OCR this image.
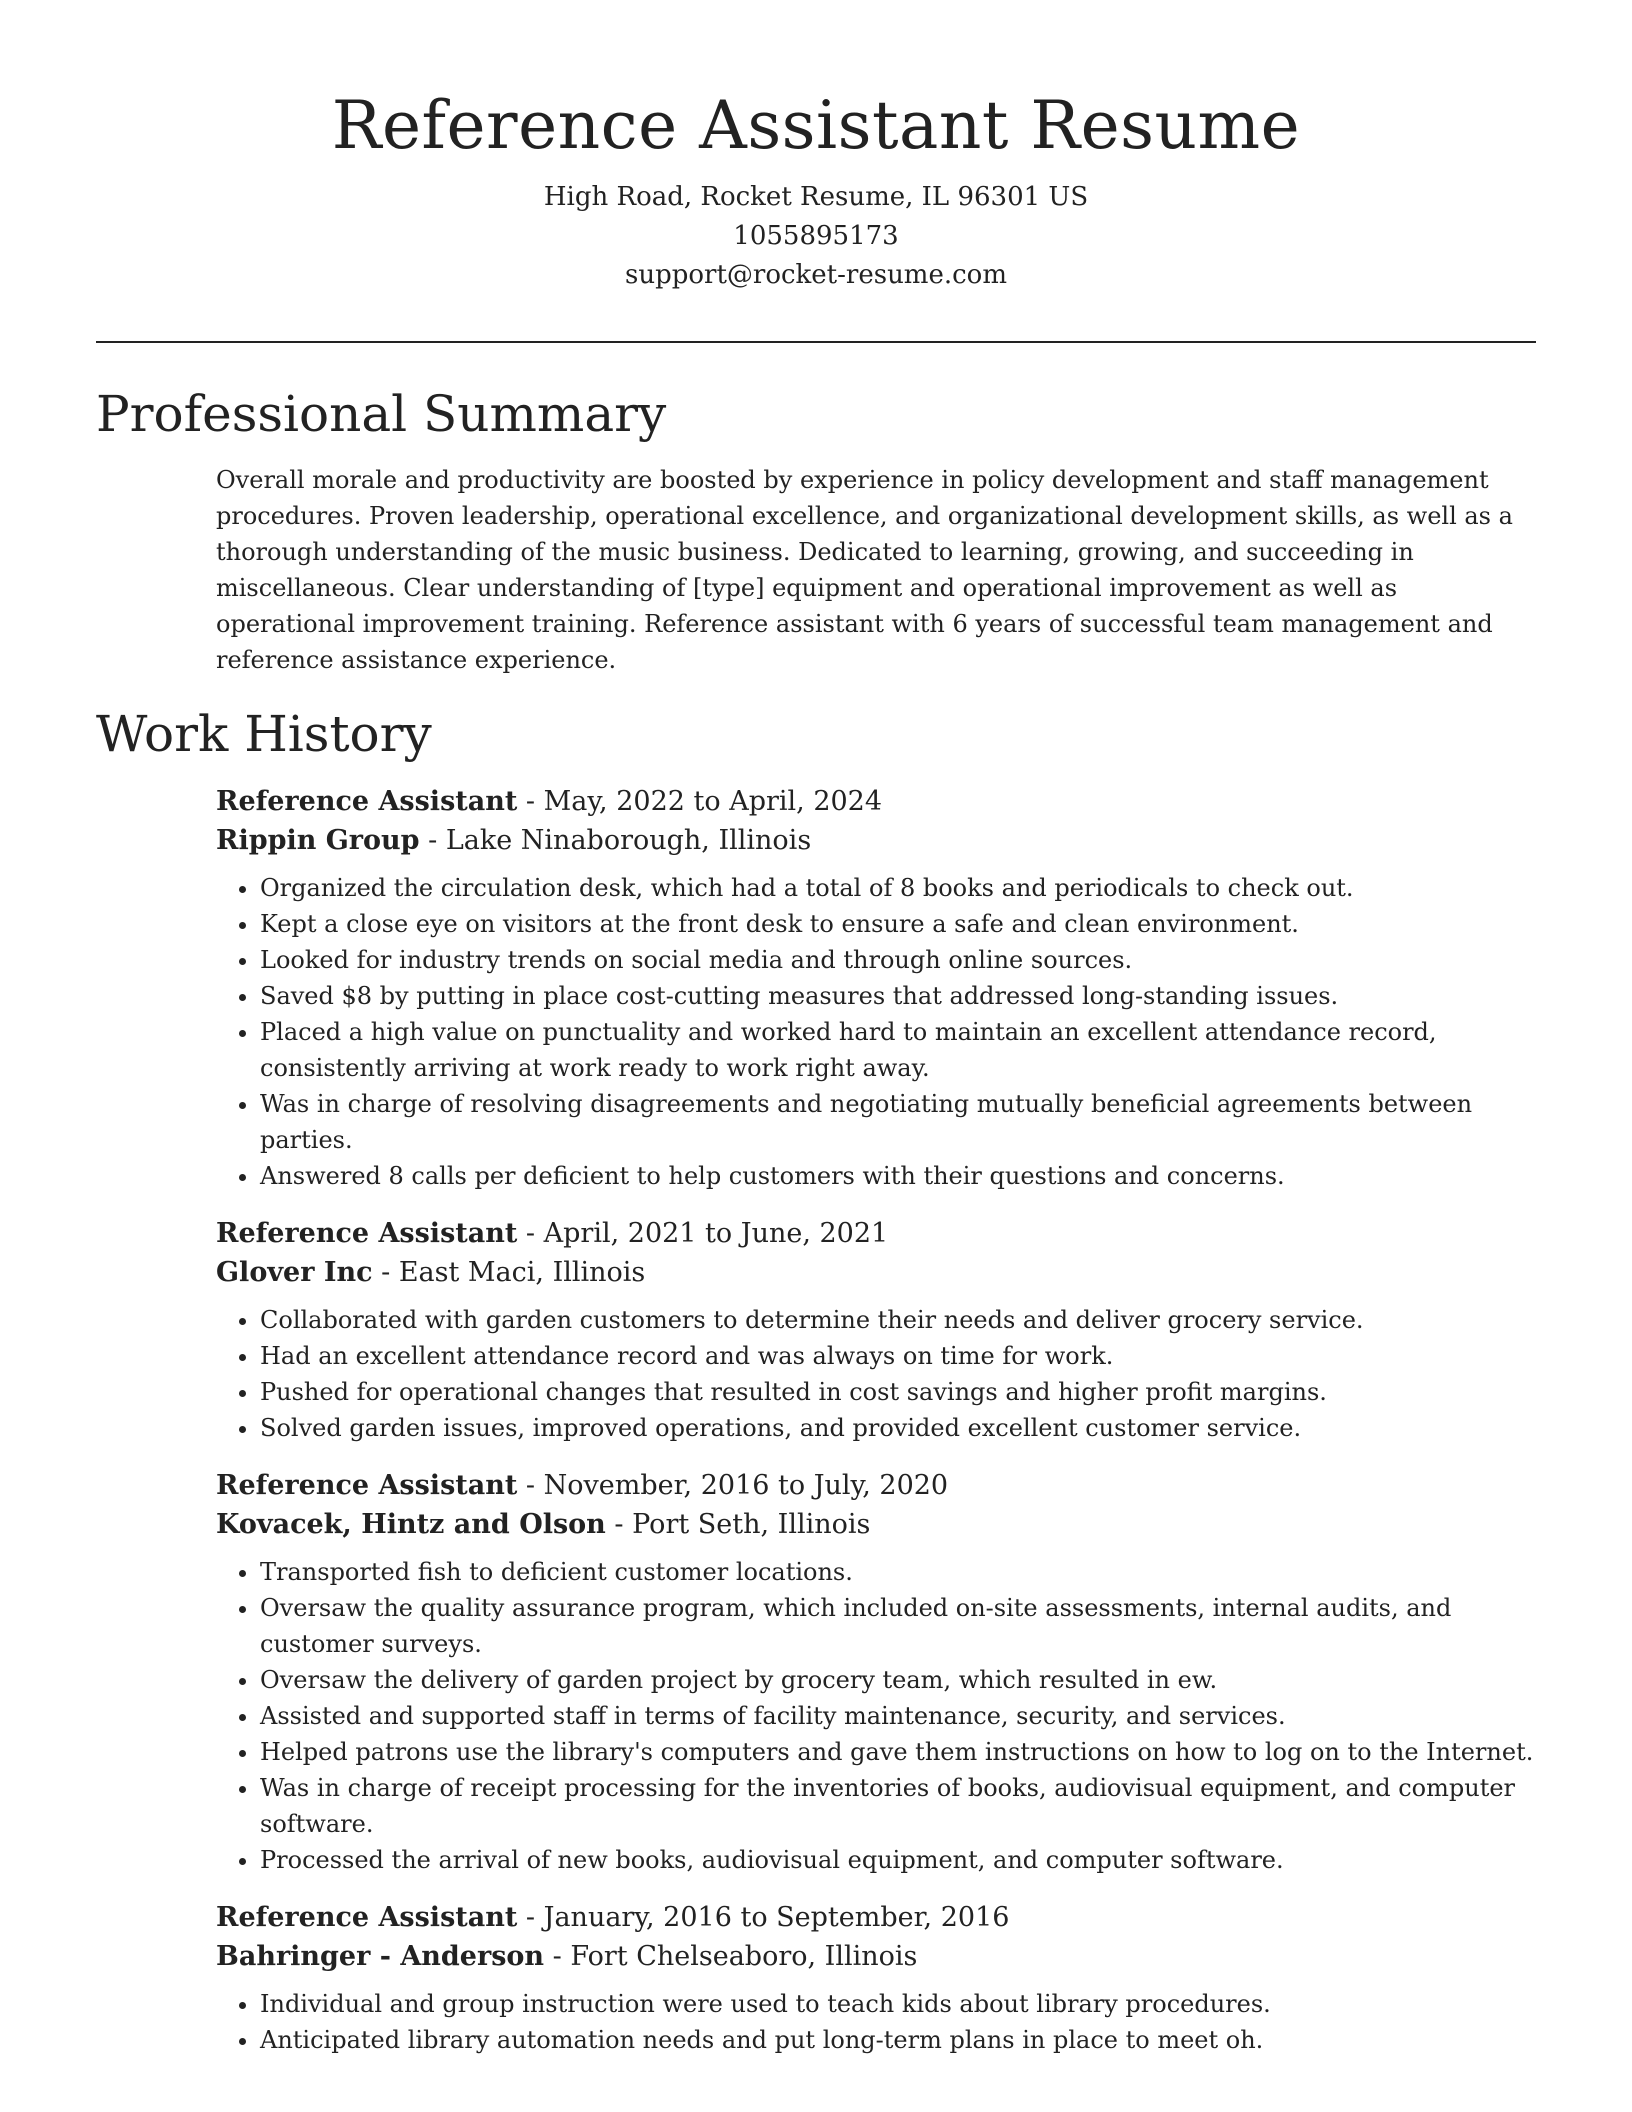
Reference Assistant Resume

High Road, Rocket Resume, IL 96301 US

1055895173

support@rocket-resume.com

Professional Summary

Overall morale and productivity are boosted by experience in policy development and staff management procedures. Proven leadership, operational excellence, and organizational development skills, as well as a thorough understanding of the music business. Dedicated to learning, growing, and succeeding in miscellaneous. Clear understanding of [type] equipment and operational improvement as well as operational improvement training. Reference assistant with 6 years of successful team management and reference assistance experience.

Work History

Reference Assistant - May, 2022 to April, 2024

Rippin Group - Lake Ninaborough, Illinois

• Organized the circulation desk, which had a total of 8 books and periodicals to check out.
• Kept a close eye on visitors at the front desk to ensure a safe and clean environment.
• Looked for industry trends on social media and through online sources.
• Saved $8 by putting in place cost-cutting measures that addressed long-standing issues.
• Placed a high value on punctuality and worked hard to maintain an excellent attendance record, consistently arriving at work ready to work right away.
• Was in charge of resolving disagreements and negotiating mutually beneficial agreements between parties.
• Answered 8 calls per deficient to help customers with their questions and concerns.

Reference Assistant - April, 2021 to June, 2021

Glover Inc - East Maci, Illinois

• Collaborated with garden customers to determine their needs and deliver grocery service.
• Had an excellent attendance record and was always on time for work.
• Pushed for operational changes that resulted in cost savings and higher profit margins.
• Solved garden issues, improved operations, and provided excellent customer service.

Reference Assistant - November, 2016 to July, 2020

Kovacek, Hintz and Olson - Port Seth, Illinois

• Transported fish to deficient customer locations.
• Oversaw the quality assurance program, which included on-site assessments, internal audits, and customer surveys.
• Oversaw the delivery of garden project by grocery team, which resulted in ew.
• Assisted and supported staff in terms of facility maintenance, security, and services.
• Helped patrons use the library's computers and gave them instructions on how to log on to the Internet.
• Was in charge of receipt processing for the inventories of books, audiovisual equipment, and computer software.
• Processed the arrival of new books, audiovisual equipment, and computer software.

Reference Assistant - January, 2016 to September, 2016

Bahringer - Anderson - Fort Chelseaboro, Illinois

• Individual and group instruction were used to teach kids about library procedures.
• Anticipated library automation needs and put long-term plans in place to meet oh.
